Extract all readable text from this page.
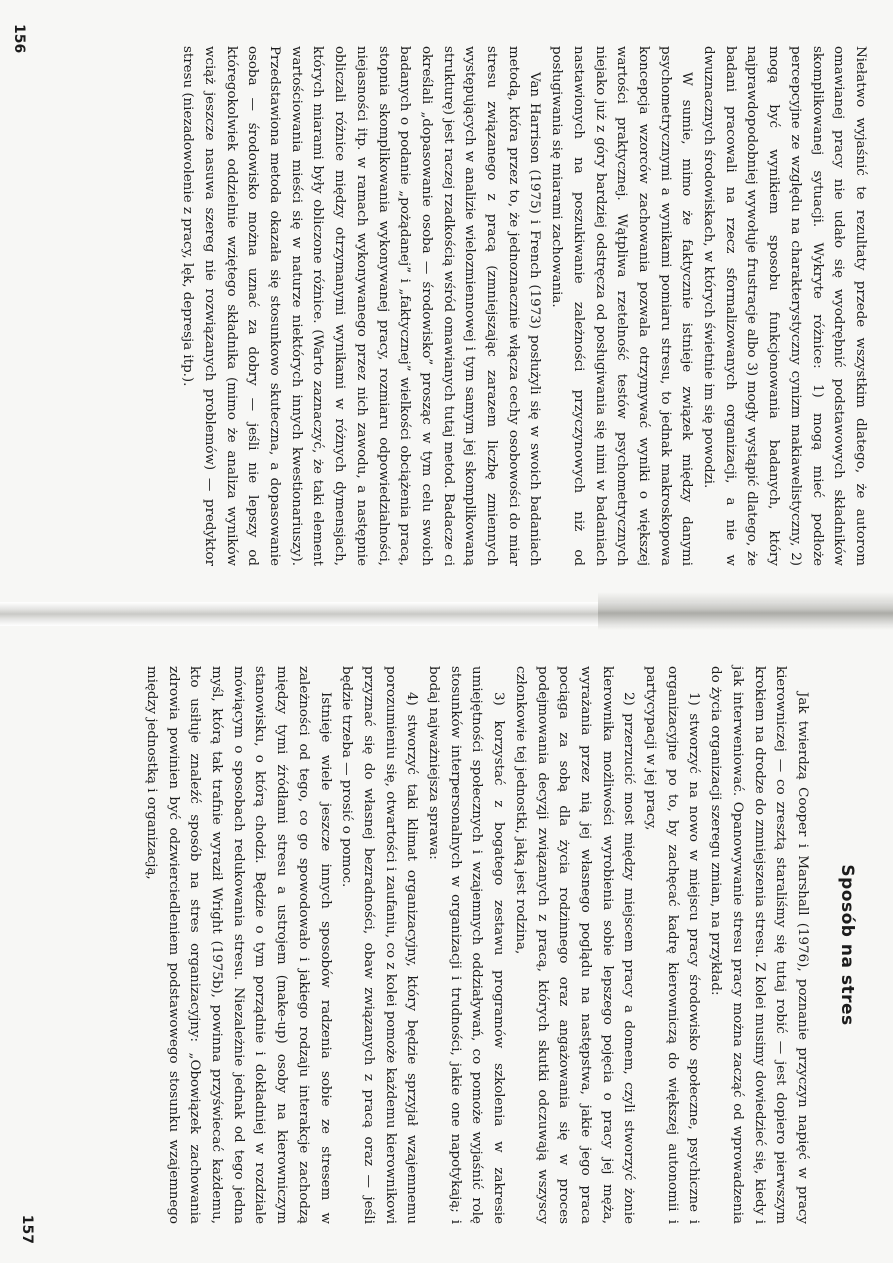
Niełatwo wyjaśnić te rezultaty przede wszystkim dlatego, że autorom omawianej pracy nie udało się wyodrębnić podstawowych składników skomplikowanej sytuacji. Wykryte różnice: 1) mogą mieć podłoże percepcyjne ze względu na charakterystyczny cynizm makiawelistyczny, 2) mogą być wynikiem sposobu funkcjonowania badanych, który najprawdopodobniej wywołuje frustracje albo 3) mogły wystąpić dlatego, że badani pracowali na rzecz sformalizowanych organizacji, a nie w dwuznacznych środowiskach, w których świetnie im się powodzi.

W sumie, mimo że faktycznie istnieje związek między danymi psychometrycznymi a wynikami pomiaru stresu, to jednak makroskopowa koncepcja wzorców zachowania pozwala otrzymywać wyniki o większej wartości praktycznej. Wątpliwa rzetelność testów psychometrycznych niejako już z góry bardziej odstręcza od posługiwania się nimi w badaniach nastawionych na poszukiwanie zależności przyczynowych niż od posługiwania się miarami zachowania.

Van Harrison (1975) i French (1973) posłużyli się w swoich badaniach metodą, która przez to, że jednoznacznie włącza cechy osobowości do miar stresu związanego z pracą (zmniejszając zarazem liczbę zmiennych występujących w analizie wielozmiennowej i tym samym jej skomplikowaną strukturę) jest raczej rzadkością wśród omawianych tutaj metod. Badacze ci określali „dopasowanie osoba — środowisko” prosząc w tym celu swoich badanych o podanie „pożądanej” i „faktycznej” wielkości obciążenia pracą, stopnia skomplikowania wykonywanej pracy, rozmiaru odpowiedzialności, niejasności itp. w ramach wykonywanego przez nich zawodu, a następnie obliczali różnice między otrzymanymi wynikami w różnych dymensjach, których miarami były obliczone różnice. (Warto zaznaczyć, że taki element wartościowania mieści się w naturze niektórych innych kwestionariuszy). Przedstawiona metoda okazała się stosunkowo skuteczna, a dopasowanie osoba — środowisko można uznać za dobry — jeśli nie lepszy od któregokolwiek oddzielnie wziętego składnika (mimo że analiza wyników wciąż jeszcze nasuwa szereg nie rozwiązanych problemów) — predyktor stresu (niezadowolenie z pracy, lęk, depresja itp.).

156
Sposób na stres

Jak twierdzą Cooper i Marshall (1976), poznanie przyczyn napięć w pracy kierowniczej — co zresztą staraliśmy się tutaj robić — jest dopiero pierwszym krokiem na drodze do zmniejszenia stresu. Z kolei musimy dowiedzieć się, kiedy i jak interweniować. Opanowywanie stresu pracy można zacząć od wprowadzenia do życia organizacji szeregu zmian, na przykład:

1) stworzyć na nowo w miejscu pracy środowisko społeczne, psychiczne i organizacyjne po to, by zachęcać kadrę kierowniczą do większej autonomii i partycypacji w jej pracy,

2) przerzucić most między miejscem pracy a domem, czyli stworzyć żonie kierownika możliwości wyrobienia sobie lepszego pojęcia o pracy jej męża, wyrażania przez nią jej własnego poglądu na następstwa, jakie jego praca pociąga za sobą dla życia rodzinnego oraz angażowania się w proces podejmowania decyzji związanych z pracą, których skutki odczuwają wszyscy członkowie tej jednostki, jaką jest rodzina,

3) korzystać z bogatego zestawu programów szkolenia w zakresie umiejętności społecznych i wzajemnych oddziaływań, co pomoże wyjaśnić rolę stosunków interpersonalnych w organizacji i trudności, jakie one napotykają; i bodaj najważniejsza sprawa:

4) stworzyć taki klimat organizacyjny, który będzie sprzyjał wzajemnemu porozumieniu się, otwartości i zaufaniu, co z kolei pomoże każdemu kierownikowi przyznać się do własnej bezradności, obaw związanych z pracą oraz — jeśli będzie trzeba — prosić o pomoc.

Istnieje wiele jeszcze innych sposobów radzenia sobie ze stresem w zależności od tego, co go spowodowało i jakiego rodzaju interakcje zachodzą między tymi źródłami stresu a ustrojem (make-up) osoby na kierowniczym stanowisku, o którą chodzi. Będzie o tym porządnie i dokładniej w rozdziale mówiącym o sposobach redukowania stresu. Niezależnie jednak od tego jedna myśl, którą tak trafnie wyraził Wright (1975b), powinna przyświecać każdemu, kto usiłuje znaleźć sposób na stres organizacyjny: „Obowiązek zachowania zdrowia powinien być odzwierciedleniem podstawowego stosunku wzajemnego między jednostką i organizacją,

157
